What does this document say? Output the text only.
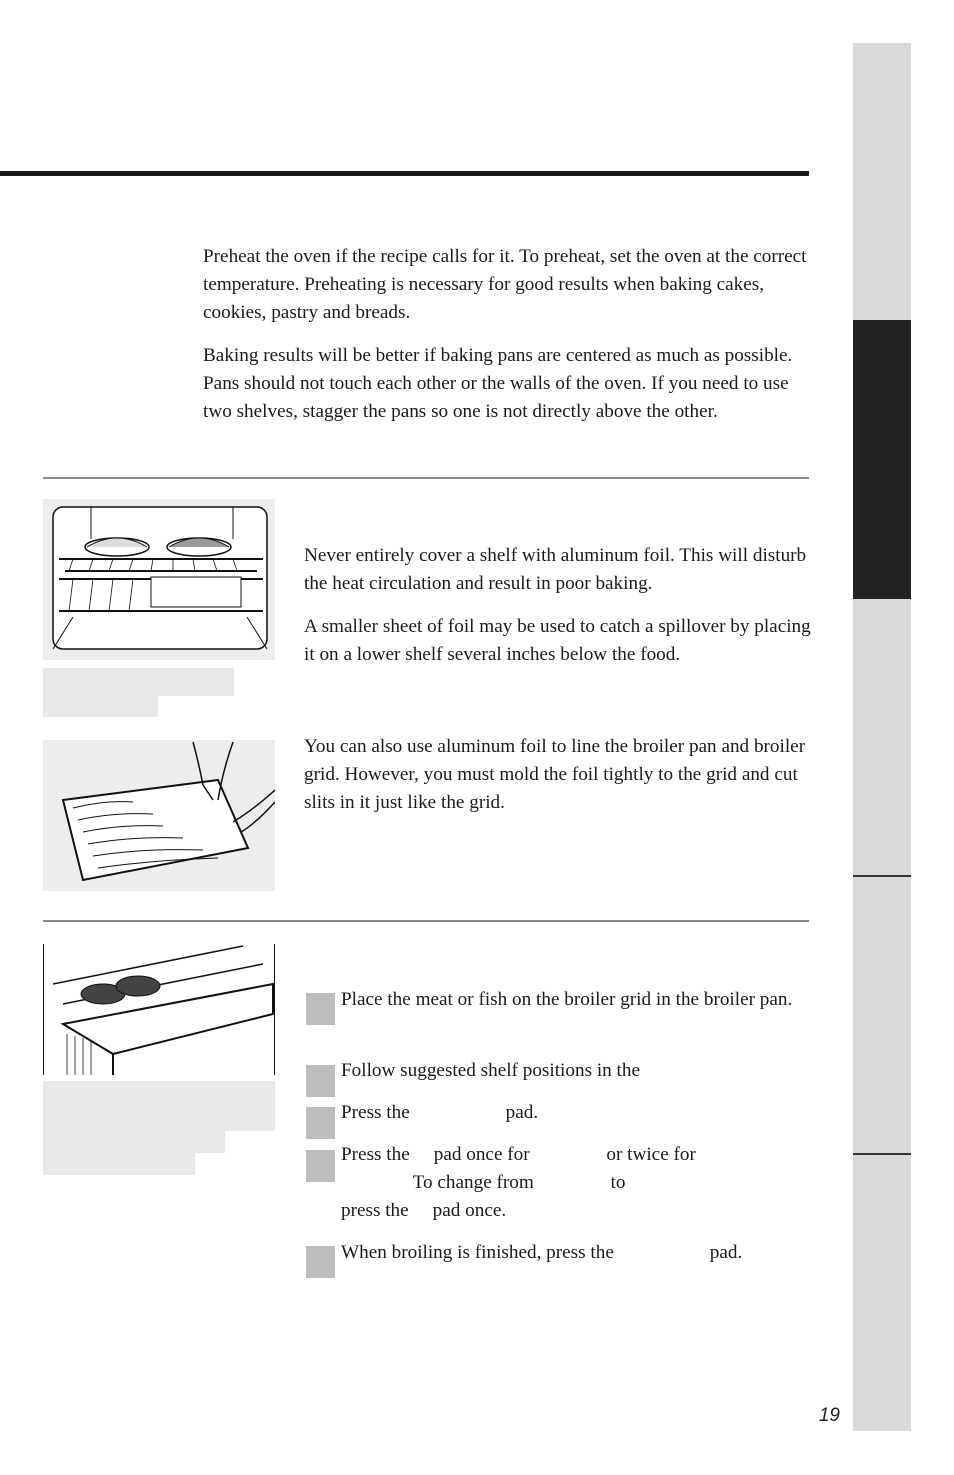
Preheat the oven if the recipe calls for it. To preheat, set the oven at the correct temperature. Preheating is necessary for good results when baking cakes, cookies, pastry and breads.

Baking results will be better if baking pans are centered as much as possible. Pans should not touch each other or the walls of the oven. If you need to use two shelves, stagger the pans so one is not directly above the other.

Never entirely cover a shelf with aluminum foil. This will disturb the heat circulation and result in poor baking.

A smaller sheet of foil may be used to catch a spillover by placing it on a lower shelf several inches below the food.

You can also use aluminum foil to line the broiler pan and broiler grid. However, you must mold the foil tightly to the grid and cut slits in it just like the grid.

Place the meat or fish on the broiler grid in the broiler pan.

Follow suggested shelf positions in the

Press the                    pad.

Press the     pad once for                or twice for
To change from                to
press the     pad once.

When broiling is finished, press the                    pad.

19
